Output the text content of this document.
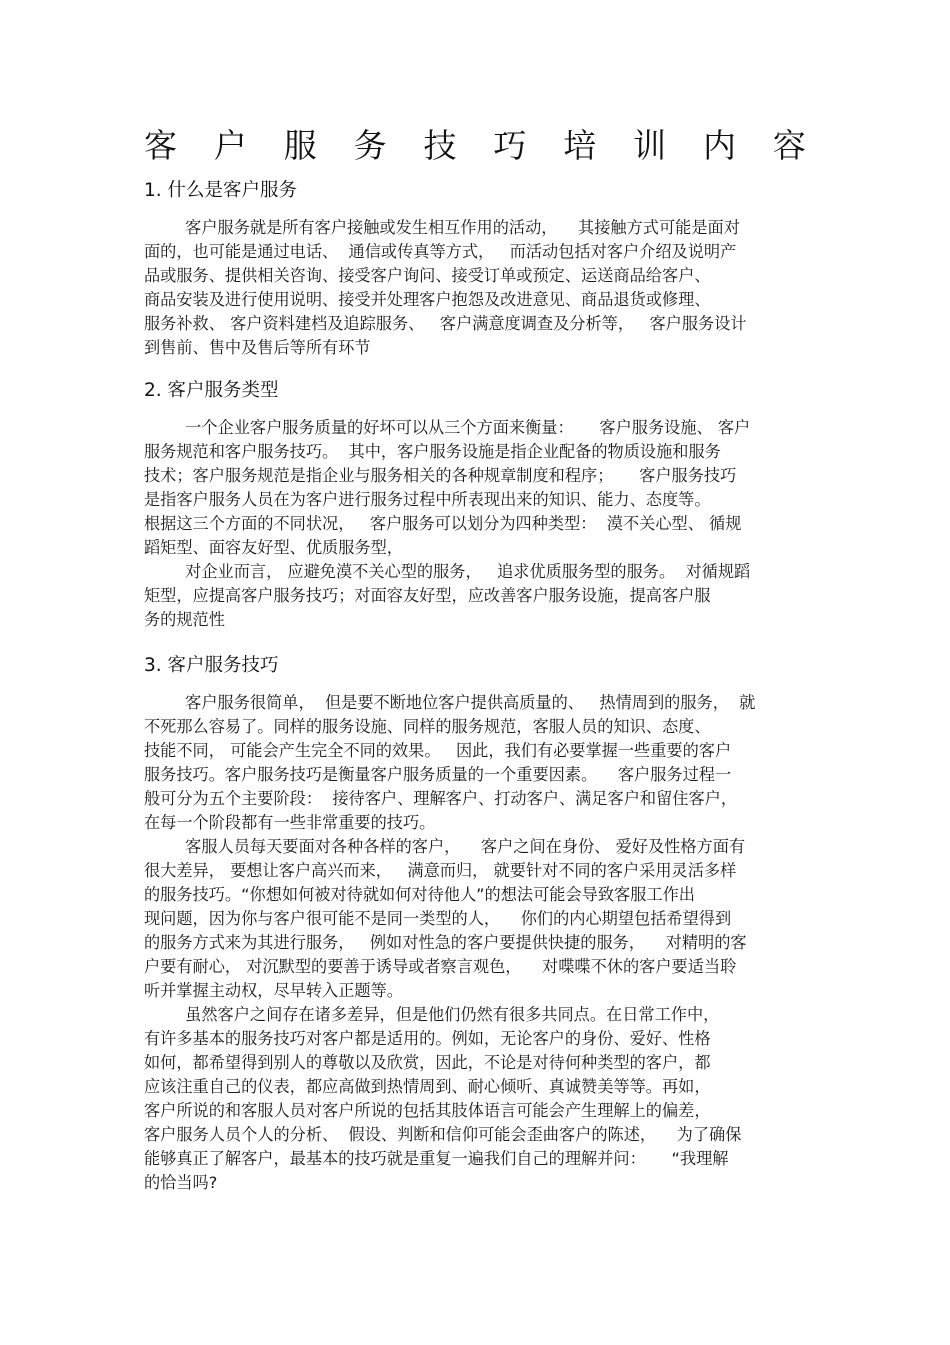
客 户 服 务 技 巧 培 训 内 容
1. 什么是客户服务
客户服务就是所有客户接触或发生相互作用的活动，    其接触方式可能是面对
面的，也可能是通过电话、  通信或传真等方式，   而活动包括对客户介绍及说明产
品或服务、提供相关咨询、接受客户询问、接受订单或预定、运送商品给客户、
商品安装及进行使用说明、接受并处理客户抱怨及改进意见、商品退货或修理、
服务补救、 客户资料建档及追踪服务、   客户满意度调查及分析等，   客户服务设计
到售前、售中及售后等所有环节
2. 客户服务类型
一个企业客户服务质量的好坏可以从三个方面来衡量：     客户服务设施、 客户
服务规范和客户服务技巧。  其中，客户服务设施是指企业配备的物质设施和服务
技术；客户服务规范是指企业与服务相关的各种规章制度和程序；     客户服务技巧
是指客户服务人员在为客户进行服务过程中所表现出来的知识、能力、态度等。
根据这三个方面的不同状况，   客户服务可以划分为四种类型：  漠不关心型、 循规
蹈矩型、面容友好型、优质服务型，
对企业而言， 应避免漠不关心型的服务，   追求优质服务型的服务。  对循规蹈
矩型，应提高客户服务技巧；对面容友好型，应改善客户服务设施，提高客户服
务的规范性
3. 客户服务技巧
客户服务很简单，  但是要不断地位客户提供高质量的、   热情周到的服务，  就
不死那么容易了。同样的服务设施、同样的服务规范，客服人员的知识、态度、
技能不同， 可能会产生完全不同的效果。   因此，我们有必要掌握一些重要的客户
服务技巧。客户服务技巧是衡量客户服务质量的一个重要因素。    客户服务过程一
般可分为五个主要阶段：  接待客户、理解客户、打动客户、满足客户和留住客户，
在每一个阶段都有一些非常重要的技巧。
客服人员每天要面对各种各样的客户，    客户之间在身份、 爱好及性格方面有
很大差异， 要想让客户高兴而来，   满意而归， 就要针对不同的客户采用灵活多样
的服务技巧。“你想如何被对待就如何对待他人”的想法可能会导致客服工作出
现问题，因为你与客户很可能不是同一类型的人，    你们的内心期望包括希望得到
的服务方式来为其进行服务，   例如对性急的客户要提供快捷的服务，    对精明的客
户要有耐心， 对沉默型的要善于诱导或者察言观色，    对喋喋不休的客户要适当聆
听并掌握主动权，尽早转入正题等。
虽然客户之间存在诸多差异，但是他们仍然有很多共同点。在日常工作中，
有许多基本的服务技巧对客户都是适用的。例如，无论客户的身份、爱好、性格
如何，都希望得到别人的尊敬以及欣赏，因此，不论是对待何种类型的客户，都
应该注重自己的仪表，都应高做到热情周到、耐心倾听、真诚赞美等等。再如，
客户所说的和客服人员对客户所说的包括其肢体语言可能会产生理解上的偏差，
客户服务人员个人的分析、  假设、判断和信仰可能会歪曲客户的陈述，    为了确保
能够真正了解客户，最基本的技巧就是重复一遍我们自己的理解并问：     “我理解
的恰当吗?
